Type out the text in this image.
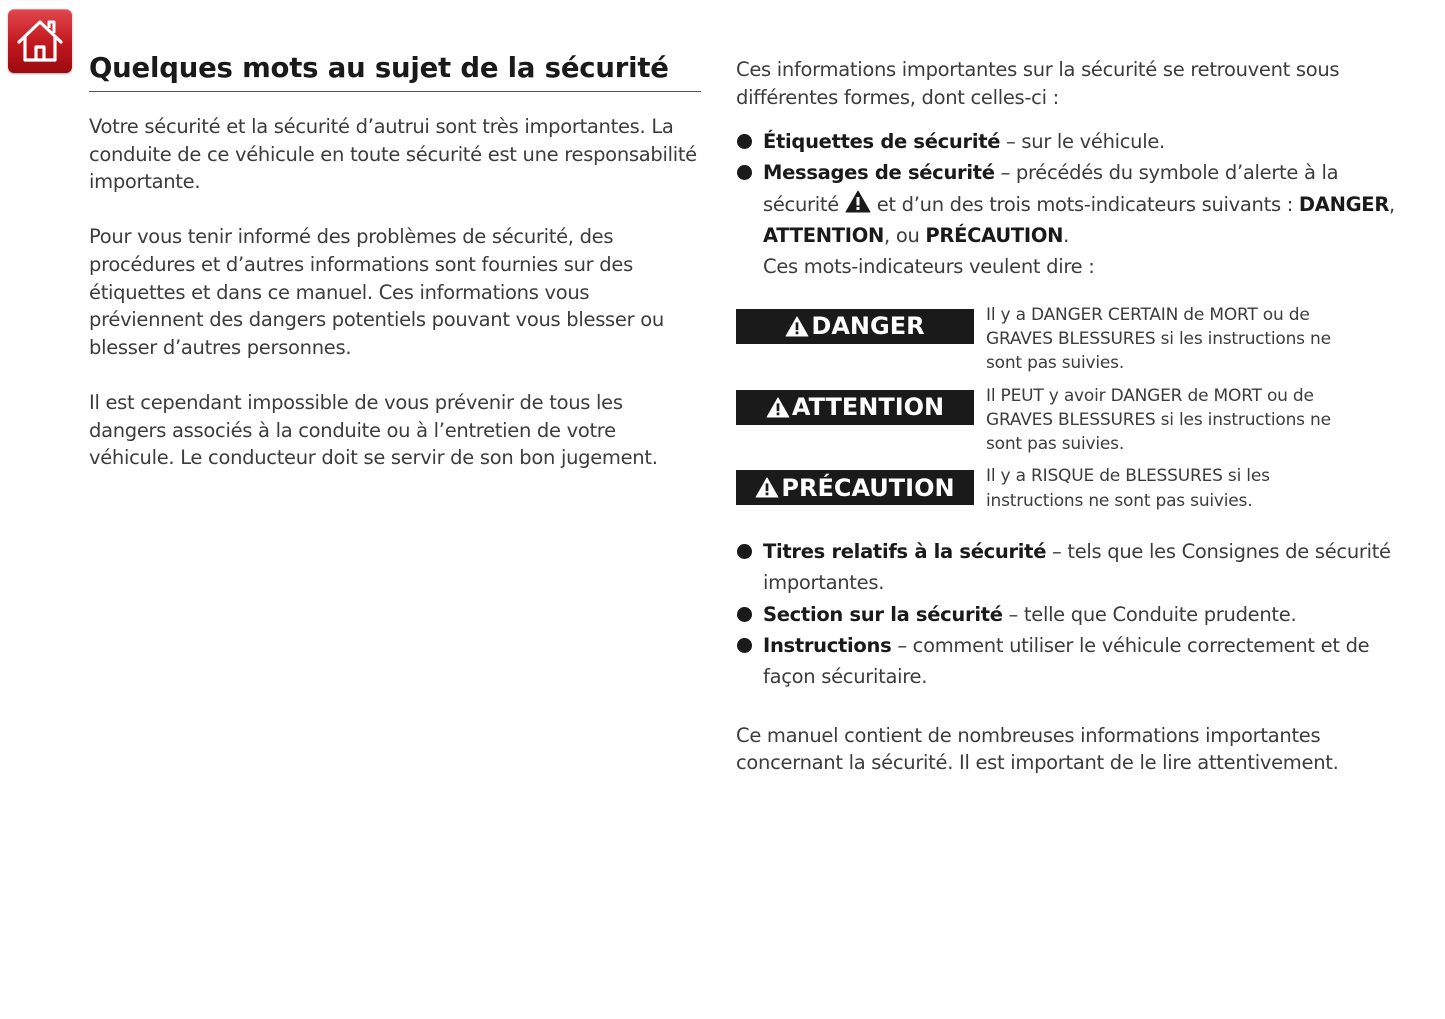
Quelques mots au sujet de la sécurité

Votre sécurité et la sécurité d’autrui sont très importantes. La conduite de ce véhicule en toute sécurité est une responsabilité importante.

Pour vous tenir informé des problèmes de sécurité, des procédures et d’autres informations sont fournies sur des étiquettes et dans ce manuel. Ces informations vous préviennent des dangers potentiels pouvant vous blesser ou blesser d’autres personnes.

Il est cependant impossible de vous prévenir de tous les dangers associés à la conduite ou à l’entretien de votre véhicule. Le conducteur doit se servir de son bon jugement.

Ces informations importantes sur la sécurité se retrouvent sous différentes formes, dont celles-ci :

Étiquettes de sécurité – sur le véhicule.
Messages de sécurité – précédés du symbole d’alerte à la sécurité  et d’un des trois mots-indicateurs suivants : DANGER, ATTENTION, ou PRÉCAUTION.
Ces mots-indicateurs veulent dire :
DANGER	Il y a DANGER CERTAIN de MORT ou de GRAVES BLESSURES si les instructions ne sont pas suivies.
ATTENTION Il PEUT y avoir DANGER de MORT ou de GRAVES BLESSURES si les instructions ne sont pas suivies.
PRÉCAUTION Il y a RISQUE de BLESSURES si les instructions ne sont pas suivies.
Titres relatifs à la sécurité – tels que les Consignes de sécurité importantes.
Section sur la sécurité – telle que Conduite prudente.
Instructions – comment utiliser le véhicule correctement et de façon sécuritaire.

Ce manuel contient de nombreuses informations importantes concernant la sécurité. Il est important de le lire attentivement.
